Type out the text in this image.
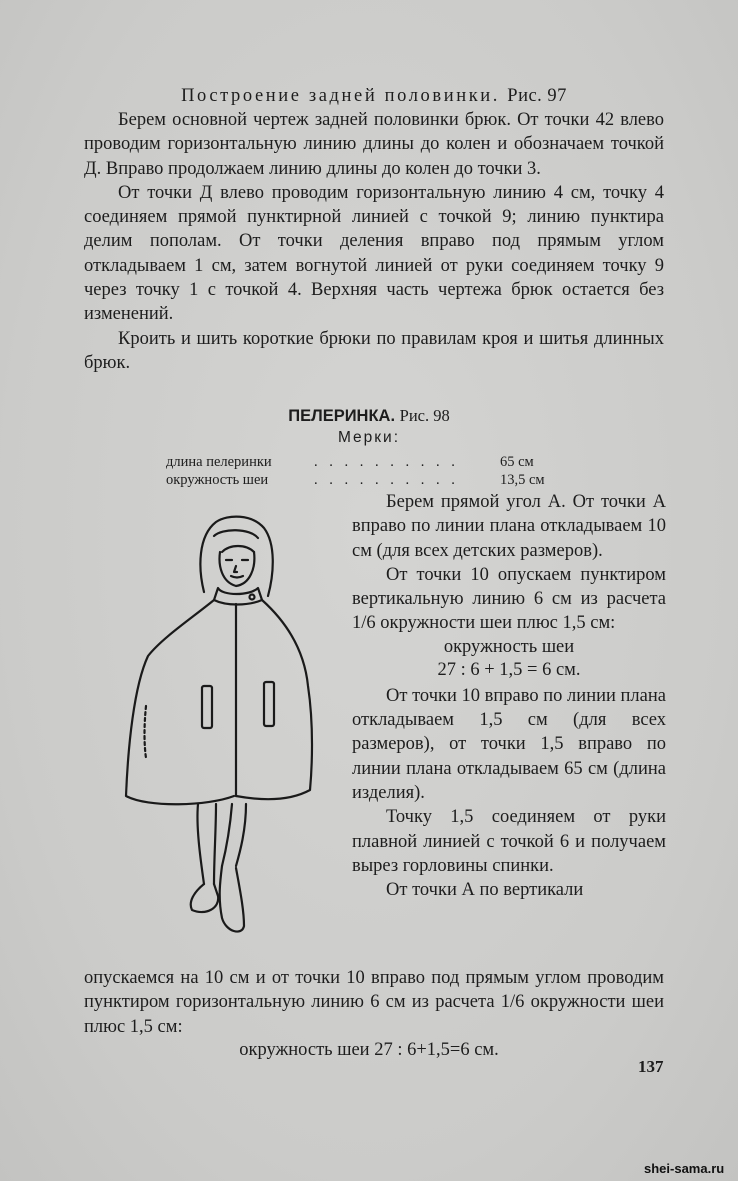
Построение задней половинки. Рис. 97

Берем основной чертеж задней половинки брюк. От точки 42 влево проводим горизонтальную линию длины до колен и обозначаем точкой Д. Вправо продолжаем линию длины до колен до точки 3.

От точки Д влево проводим горизонтальную линию 4 см, точку 4 соединяем прямой пунктирной линией с точкой 9; линию пунктира делим пополам. От точки деления вправо под прямым углом откладываем 1 см, затем вогнутой линией от руки соединяем точку 9 через точку 1 с точкой 4. Верхняя часть чертежа брюк остается без изменений.

Кроить и шить короткие брюки по правилам кроя и шитья длинных брюк.

ПЕЛЕРИНКА. Рис. 98
Мерки:
длина пелеринки	. . . . . . . . . .	65 см
окружность шеи	. . . . . . . . . .	13,5 см

Берем прямой угол А. От точки А вправо по линии плана откладываем 10 см (для всех детских размеров).

От точки 10 опускаем пунктиром вертикальную линию 6 см из расчета 1/6 окружности шеи плюс 1,5 см:

окружность шеи

27 : 6 + 1,5 = 6 см.

От точки 10 вправо по линии плана откладываем 1,5 см (для всех размеров), от точки 1,5 вправо по линии плана откладываем 65 см (длина изделия).

Точку 1,5 соединяем от руки плавной линией с точкой 6 и получаем вырез горловины спинки.

От точки А по вертикали

опускаемся на 10 см и от точки 10 вправо под прямым углом проводим пунктиром горизонтальную линию 6 см из расчета 1/6 окружности шеи плюс 1,5 см:

окружность шеи 27 : 6+1,5=6 см.
137
shei-sama.ru
